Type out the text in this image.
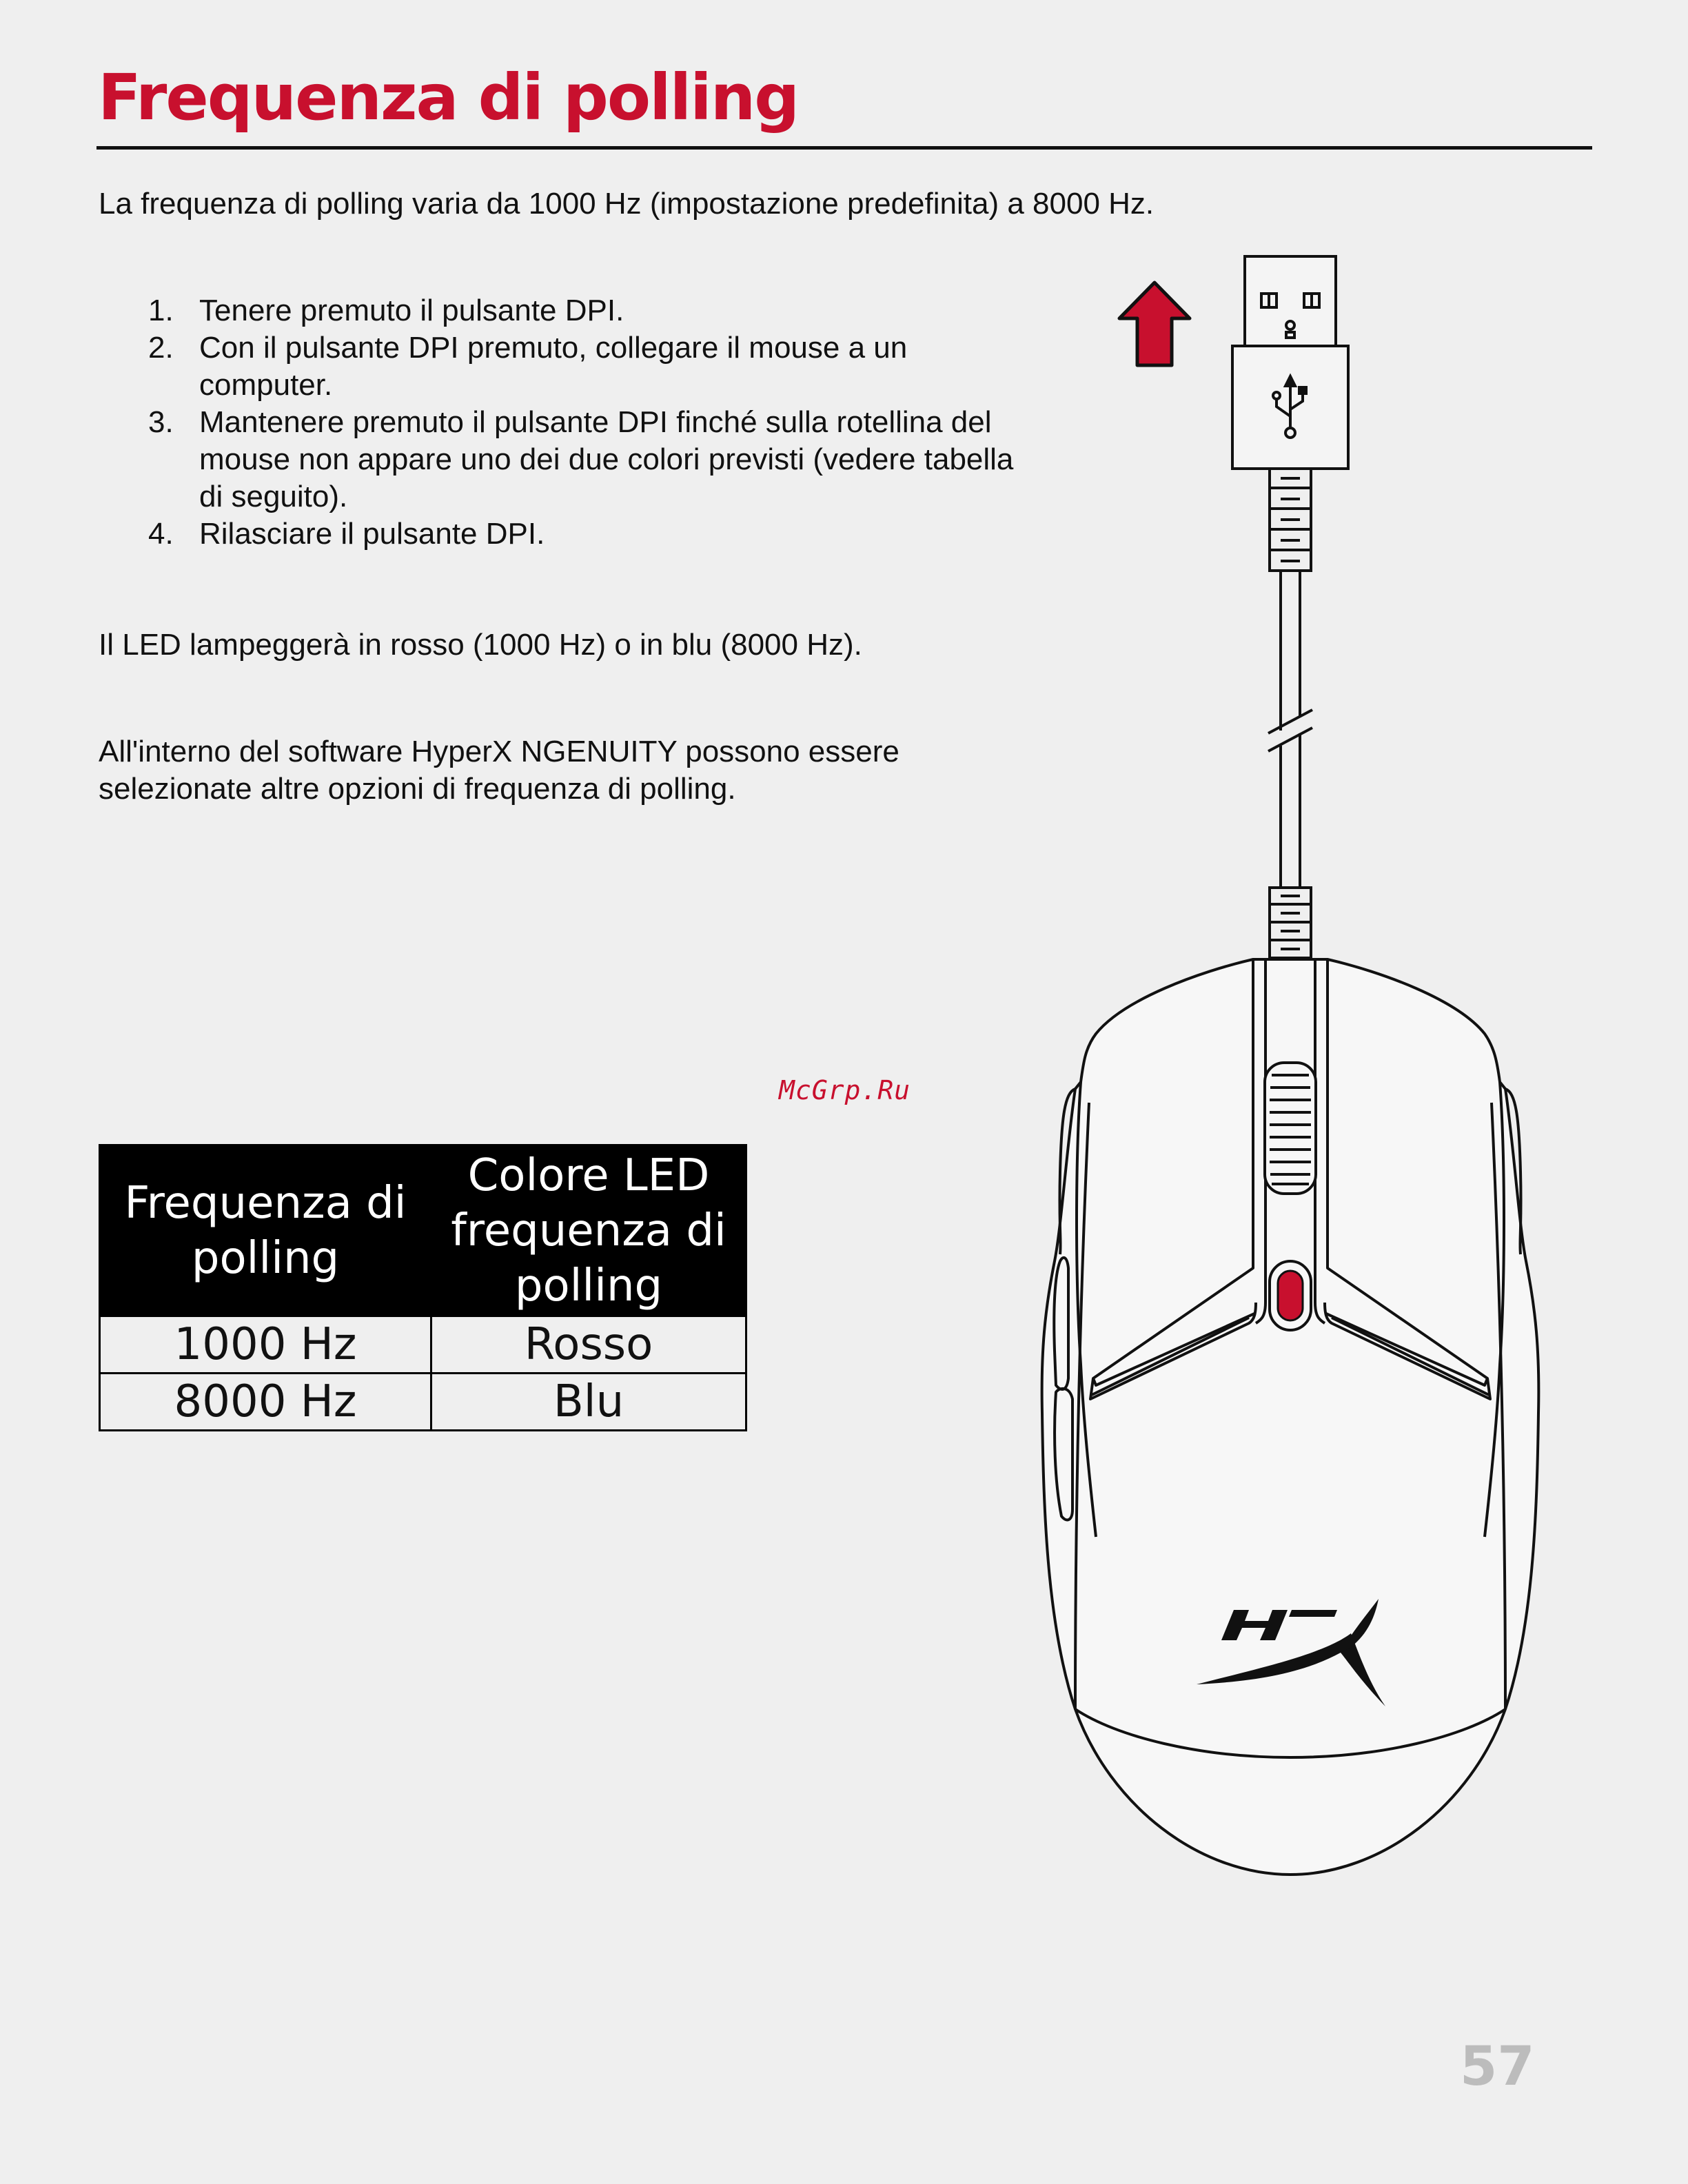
Frequenza di polling

La frequenza di polling varia da 1000 Hz (impostazione predefinita) a 8000 Hz.

1. Tenere premuto il pulsante DPI.
2. Con il pulsante DPI premuto, collegare il mouse a un computer.
3. Mantenere premuto il pulsante DPI finché sulla rotellina del mouse non appare uno dei due colori previsti (vedere tabella di seguito).
4. Rilasciare il pulsante DPI.

Il LED lampeggerà in rosso (1000 Hz) o in blu (8000 Hz).

All'interno del software HyperX NGENUITY possono essere selezionate altre opzioni di frequenza di polling.

McGrp.Ru
Frequenza di polling	Colore LED frequenza di polling
1000 Hz	Rosso
8000 Hz	Blu
57
